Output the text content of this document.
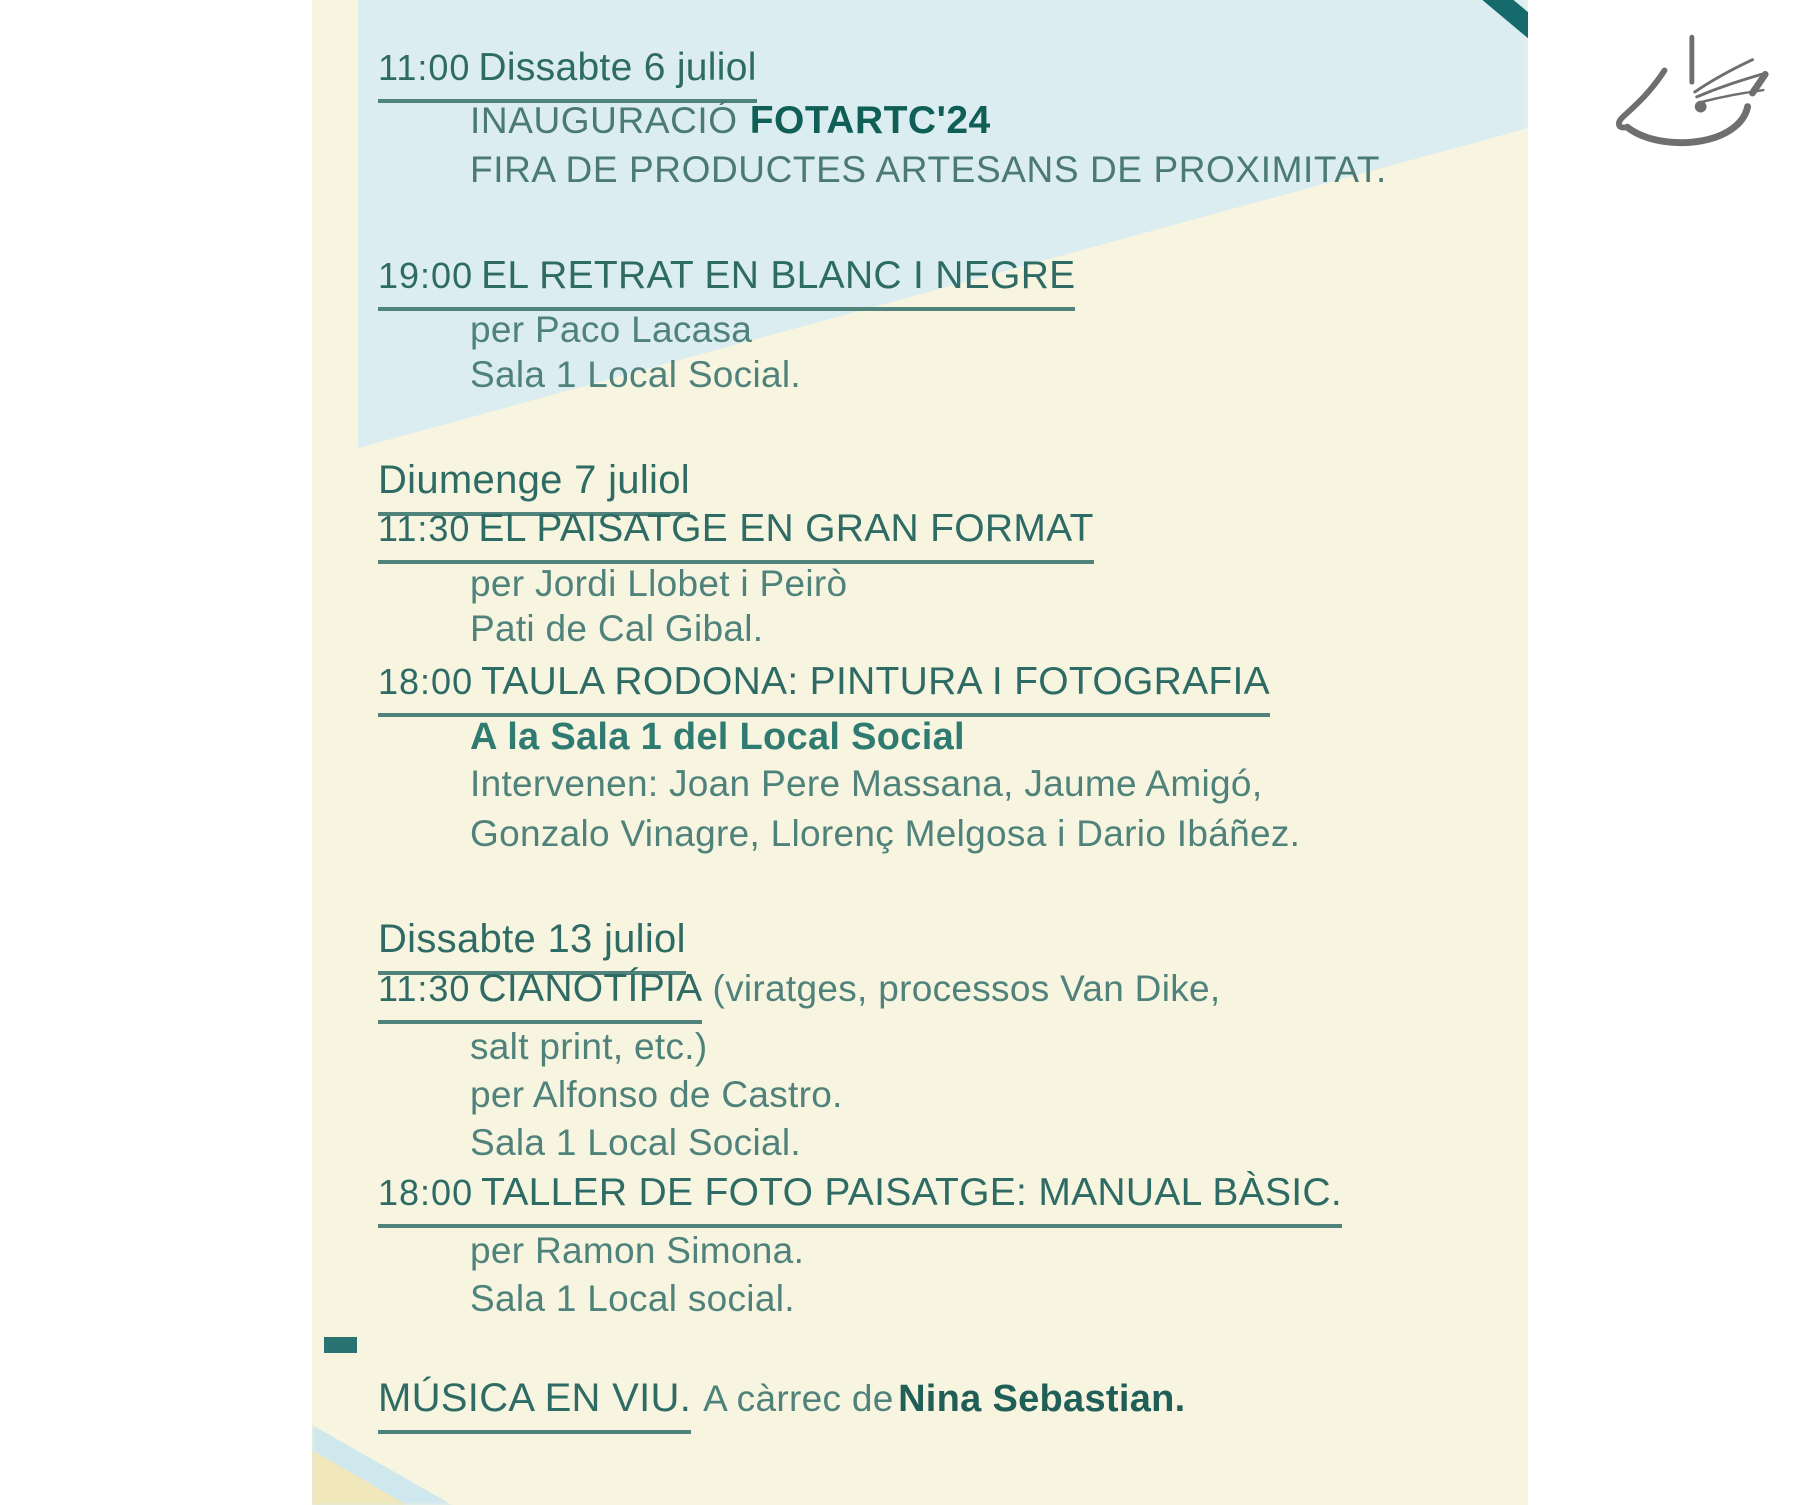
11:00 Dissabte 6 juliol
INAUGURACIÓ FOTARTC'24
FIRA DE PRODUCTES ARTESANS DE PROXIMITAT.
19:00 EL RETRAT EN BLANC I NEGRE
per Paco Lacasa
Sala 1 Local Social.
Diumenge 7 juliol
11:30 EL PAISATGE EN GRAN FORMAT
per Jordi Llobet i Peirò
Pati de Cal Gibal.
18:00 TAULA RODONA: PINTURA I FOTOGRAFIA
A la Sala 1 del Local Social
Intervenen: Joan Pere Massana, Jaume Amigó,
Gonzalo Vinagre, Llorenç Melgosa i Dario Ibáñez.
Dissabte 13 juliol
11:30 CIANOTÍPIA (viratges, processos Van Dike,
salt print, etc.)
per Alfonso de Castro.
Sala 1 Local Social.
18:00 TALLER DE FOTO PAISATGE: MANUAL BÀSIC.
per Ramon Simona.
Sala 1 Local social.
MÚSICA EN VIU. A càrrec de Nina Sebastian.
